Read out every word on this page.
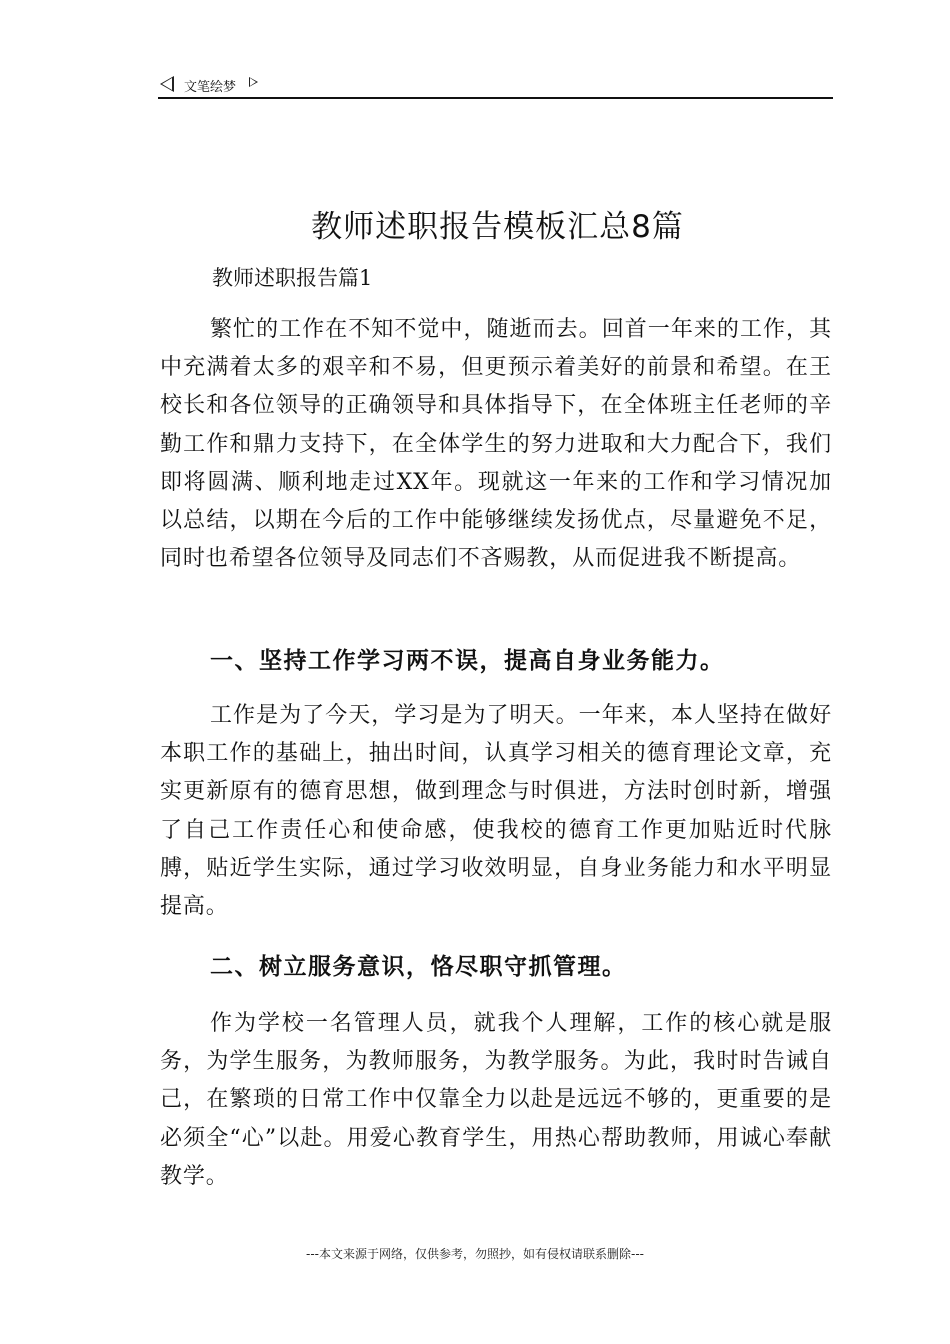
文笔绘梦
教师述职报告模板汇总8篇
教师述职报告篇1

繁忙的工作在不知不觉中，随逝而去。回首一年来的工作，其中充满着太多的艰辛和不易，但更预示着美好的前景和希望。在王校长和各位领导的正确领导和具体指导下，在全体班主任老师的辛勤工作和鼎力支持下，在全体学生的努力进取和大力配合下，我们即将圆满、顺利地走过XX年。现就这一年来的工作和学习情况加以总结，以期在今后的工作中能够继续发扬优点，尽量避免不足，同时也希望各位领导及同志们不吝赐教，从而促进我不断提高。

一、坚持工作学习两不误，提高自身业务能力。

工作是为了今天，学习是为了明天。一年来，本人坚持在做好本职工作的基础上，抽出时间，认真学习相关的德育理论文章，充实更新原有的德育思想，做到理念与时俱进，方法时创时新，增强了自己工作责任心和使命感，使我校的德育工作更加贴近时代脉膊，贴近学生实际，通过学习收效明显，自身业务能力和水平明显提高。

二、树立服务意识，恪尽职守抓管理。

作为学校一名管理人员，就我个人理解，工作的核心就是服务，为学生服务，为教师服务，为教学服务。为此，我时时告诫自己，在繁琐的日常工作中仅靠全力以赴是远远不够的，更重要的是必须全“心”以赴。用爱心教育学生，用热心帮助教师，用诚心奉献教学。

---本文来源于网络，仅供参考，勿照抄，如有侵权请联系删除---
